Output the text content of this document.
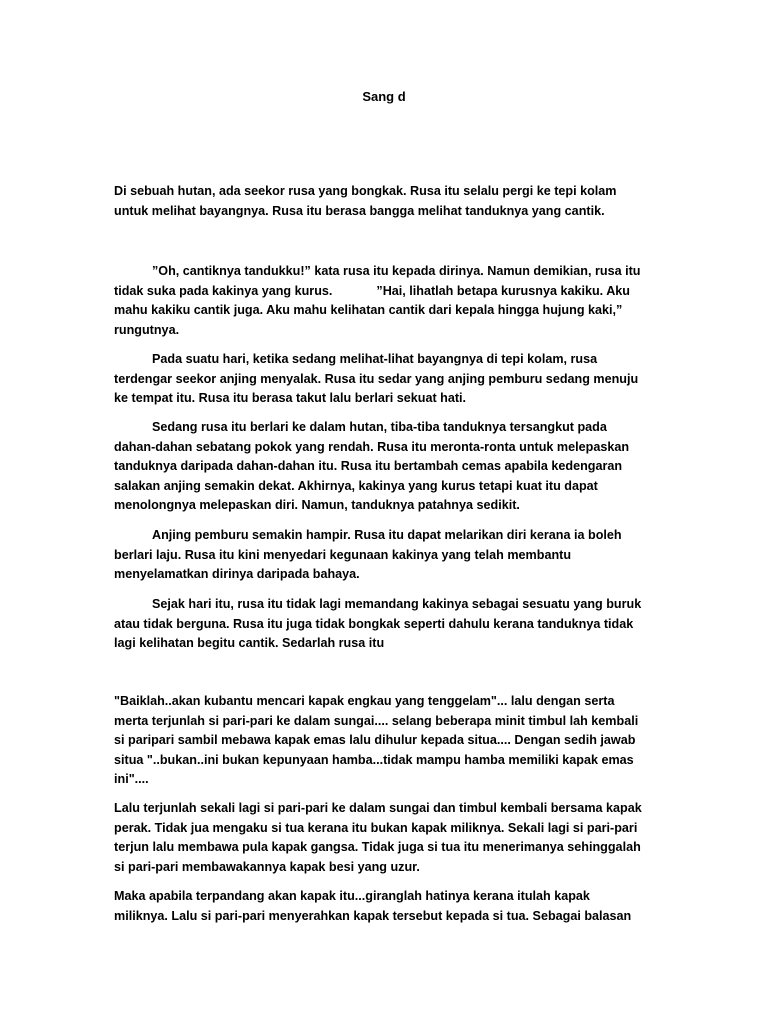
Sang d

Di sebuah hutan, ada seekor rusa yang bongkak. Rusa itu selalu pergi ke tepi kolam untuk melihat bayangnya. Rusa itu berasa bangga melihat tanduknya yang cantik.

”Oh, cantiknya tandukku!” kata rusa itu kepada dirinya. Namun demikian, rusa itu tidak suka pada kakinya yang kurus.	”Hai, lihatlah betapa kurusnya kakiku. Aku mahu kakiku cantik juga. Aku mahu kelihatan cantik dari kepala hingga hujung kaki,” rungutnya.

Pada suatu hari, ketika sedang melihat-lihat bayangnya di tepi kolam, rusa terdengar seekor anjing menyalak. Rusa itu sedar yang anjing pemburu sedang menuju ke tempat itu. Rusa itu berasa takut lalu berlari sekuat hati.

Sedang rusa itu berlari ke dalam hutan, tiba-tiba tanduknya tersangkut pada dahan-dahan sebatang pokok yang rendah. Rusa itu meronta-ronta untuk melepaskan tanduknya daripada dahan-dahan itu. Rusa itu bertambah cemas apabila kedengaran salakan anjing semakin dekat. Akhirnya, kakinya yang kurus tetapi kuat itu dapat menolongnya melepaskan diri. Namun, tanduknya patahnya sedikit.

Anjing pemburu semakin hampir. Rusa itu dapat melarikan diri kerana ia boleh berlari laju. Rusa itu kini menyedari kegunaan kakinya yang telah membantu menyelamatkan dirinya daripada bahaya.

Sejak hari itu, rusa itu tidak lagi memandang kakinya sebagai sesuatu yang buruk atau tidak berguna. Rusa itu juga tidak bongkak seperti dahulu kerana tanduknya tidak lagi kelihatan begitu cantik. Sedarlah rusa itu

"Baiklah..akan kubantu mencari kapak engkau yang tenggelam"... lalu dengan serta merta terjunlah si pari-pari ke dalam sungai.... selang beberapa minit timbul lah kembali si paripari sambil mebawa kapak emas lalu dihulur kepada situa.... Dengan sedih jawab situa "..bukan..ini bukan kepunyaan hamba...tidak mampu hamba memiliki kapak emas ini"....

Lalu terjunlah sekali lagi si pari-pari ke dalam sungai dan timbul kembali bersama kapak perak. Tidak jua mengaku si tua kerana itu bukan kapak miliknya. Sekali lagi si pari-pari terjun lalu membawa pula kapak gangsa. Tidak juga si tua itu menerimanya sehinggalah si pari-pari membawakannya kapak besi yang uzur.

Maka apabila terpandang akan kapak itu...giranglah hatinya kerana itulah kapak miliknya. Lalu si pari-pari menyerahkan kapak tersebut kepada si tua. Sebagai balasan
